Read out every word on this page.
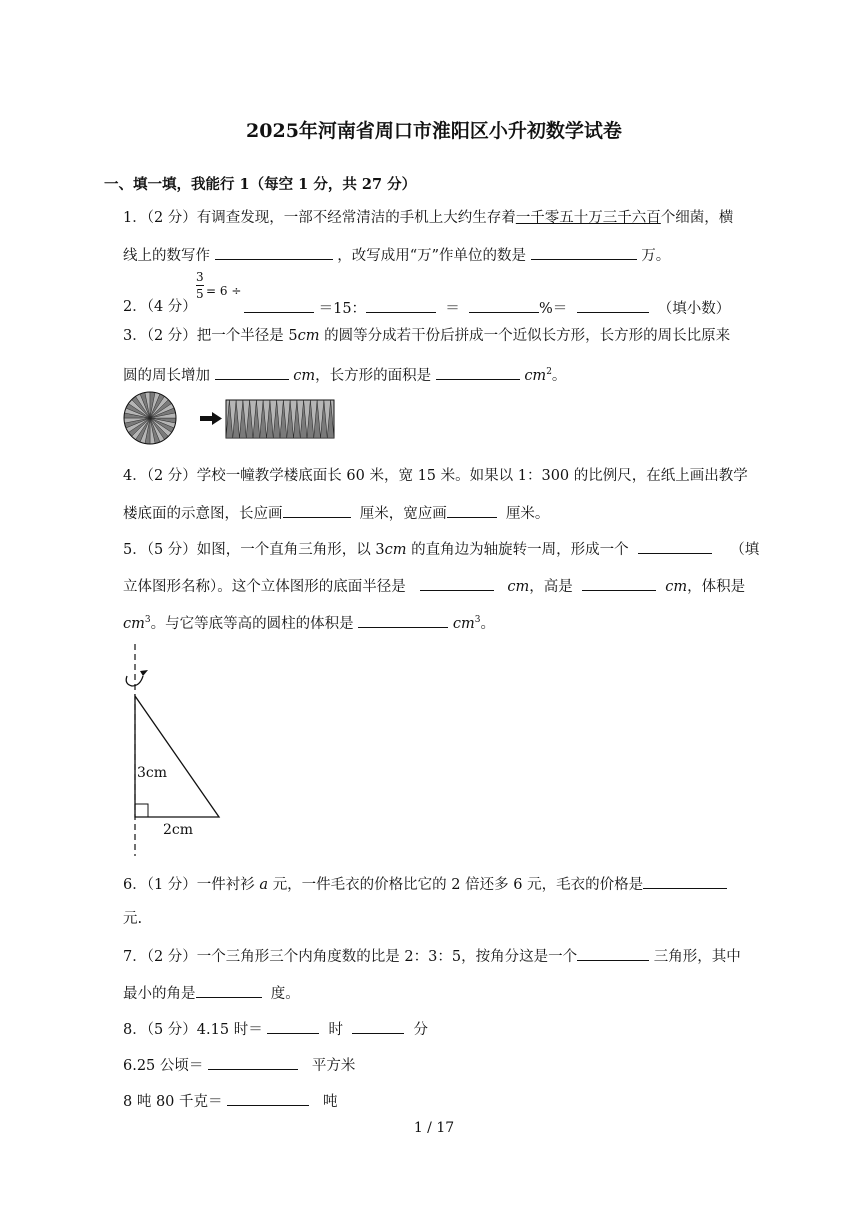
2025年河南省周口市淮阳区小升初数学试卷
一、填一填，我能行 1（每空 1 分，共 27 分）
1．（2 分）有调查发现，一部不经常清洁的手机上大约生存着一千零五十万三千六百个细菌，横
线上的数写作	，改写成用“万”作单位的数是	万。
3
5 = 6 ÷
2．（4 分）	＝15：	＝	%＝	（填小数）
3．（2 分）把一个半径是 5cm 的圆等分成若干份后拼成一个近似长方形，长方形的周长比原来
圆的周长增加	cm，长方形的面积是	$cm^2$。
4．（2 分）学校一幢教学楼底面长 60 米，宽 15 米。如果以 1：300 的比例尺，在纸上画出教学
楼底面的示意图，长应画	厘米，宽应画	厘米。
5．（5 分）如图，一个直角三角形，以 3cm 的直角边为轴旋转一周，形成一个	（填
立体图形名称）。这个立体图形的底面半径是	cm，高是	cm，体积是
$cm^3$。与它等底等高的圆柱的体积是	$cm^3$。
3cm
2cm
6．（1 分）一件衬衫 a 元，一件毛衣的价格比它的 2 倍还多 6 元，毛衣的价格是
元.
7．（2 分）一个三角形三个内角度数的比是 2：3：5，按角分这是一个	三角形，其中
最小的角是	度。
8．（5 分）4.15 时＝	时	分
6.25 公顷＝	平方米
8 吨 80 千克＝	吨
1 / 17
